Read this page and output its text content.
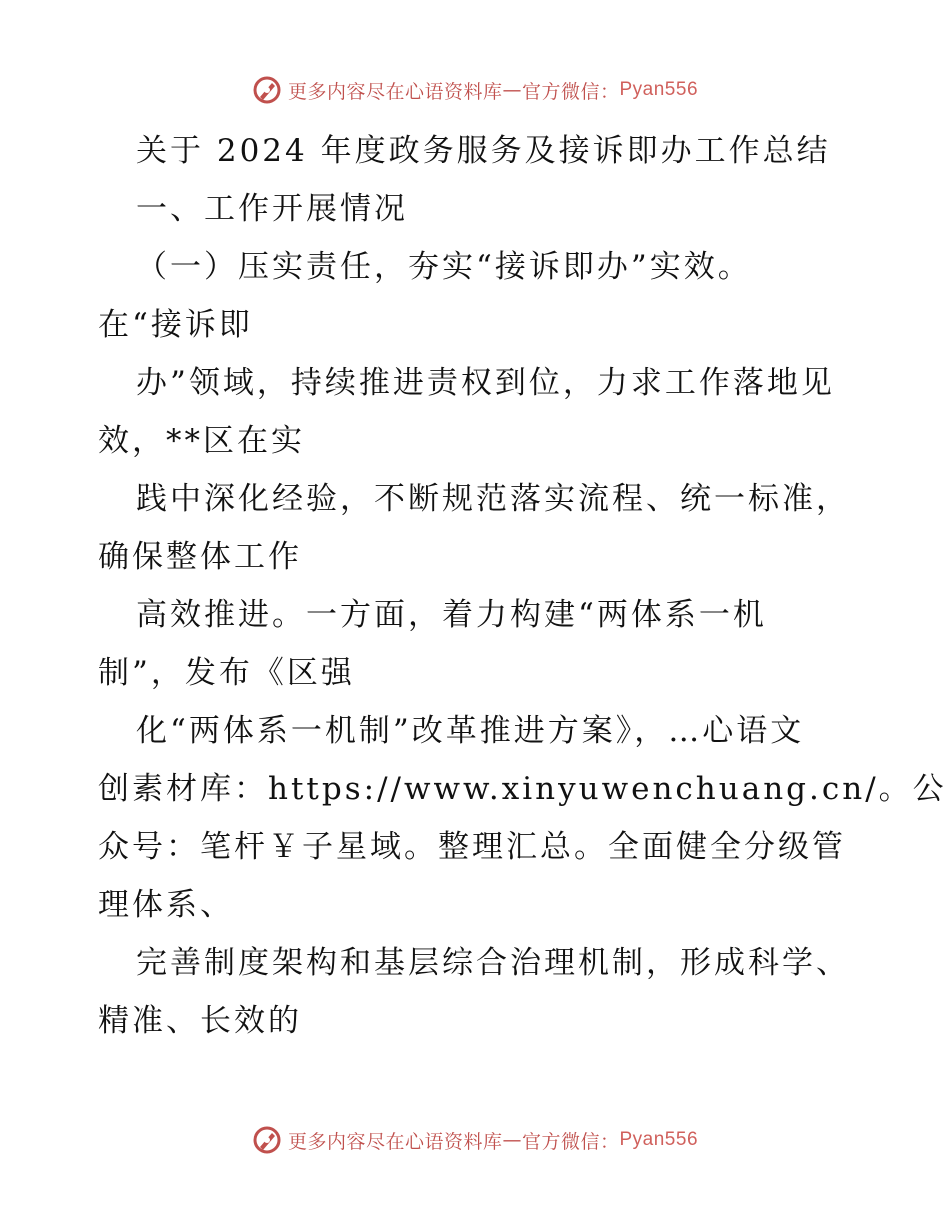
更多内容尽在心语资料库 — 官方微信： Pyan556
关于 2024 年度政务服务及接诉即办工作总结
一、工作开展情况
（一）压实责任，夯实“接诉即办”实效。
在“接诉即
办”领域，持续推进责权到位，力求工作落地见
效，**区在实
践中深化经验，不断规范落实流程、统一标准，
确保整体工作
高效推进。一方面，着力构建“两体系一机
制”，发布《区强
化“两体系一机制”改革推进方案》，…心语文
创素材库：https://www.xinyuwenchuang.cn/。公
众号：笔杆￥子星域。整理汇总。全面健全分级管
理体系、
完善制度架构和基层综合治理机制，形成科学、
精准、长效的
更多内容尽在心语资料库 — 官方微信： Pyan556
